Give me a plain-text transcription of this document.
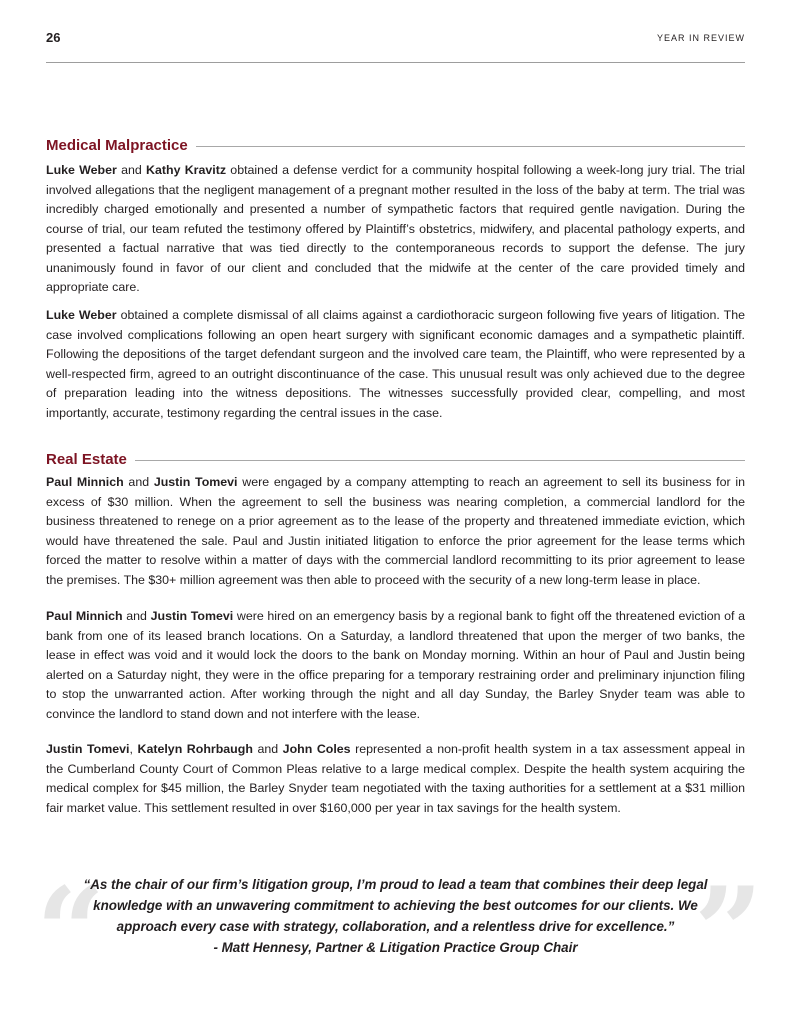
26	YEAR IN REVIEW
Medical Malpractice

Luke Weber and Kathy Kravitz obtained a defense verdict for a community hospital following a week-long jury trial. The trial involved allegations that the negligent management of a pregnant mother resulted in the loss of the baby at term. The trial was incredibly charged emotionally and presented a number of sympathetic factors that required gentle navigation. During the course of trial, our team refuted the testimony offered by Plaintiff’s obstetrics, midwifery, and placental pathology experts, and presented a factual narrative that was tied directly to the contemporaneous records to support the defense. The jury unanimously found in favor of our client and concluded that the midwife at the center of the care provided timely and appropriate care.

Luke Weber obtained a complete dismissal of all claims against a cardiothoracic surgeon following five years of litigation. The case involved complications following an open heart surgery with significant economic damages and a sympathetic plaintiff. Following the depositions of the target defendant surgeon and the involved care team, the Plaintiff, who were represented by a well-respected firm, agreed to an outright discontinuance of the case. This unusual result was only achieved due to the degree of preparation leading into the witness depositions. The witnesses successfully provided clear, compelling, and most importantly, accurate, testimony regarding the central issues in the case.

Real Estate

Paul Minnich and Justin Tomevi were engaged by a company attempting to reach an agreement to sell its business for in excess of $30 million. When the agreement to sell the business was nearing completion, a commercial landlord for the business threatened to renege on a prior agreement as to the lease of the property and threatened immediate eviction, which would have threatened the sale. Paul and Justin initiated litigation to enforce the prior agreement for the lease terms which forced the matter to resolve within a matter of days with the commercial landlord recommitting to its prior agreement to lease the premises. The $30+ million agreement was then able to proceed with the security of a new long-term lease in place.

Paul Minnich and Justin Tomevi were hired on an emergency basis by a regional bank to fight off the threatened eviction of a bank from one of its leased branch locations. On a Saturday, a landlord threatened that upon the merger of two banks, the lease in effect was void and it would lock the doors to the bank on Monday morning. Within an hour of Paul and Justin being alerted on a Saturday night, they were in the office preparing for a temporary restraining order and preliminary injunction filing to stop the unwarranted action. After working through the night and all day Sunday, the Barley Snyder team was able to convince the landlord to stand down and not interfere with the lease.

Justin Tomevi, Katelyn Rohrbaugh and John Coles represented a non-profit health system in a tax assessment appeal in the Cumberland County Court of Common Pleas relative to a large medical complex. Despite the health system acquiring the medical complex for $45 million, the Barley Snyder team negotiated with the taxing authorities for a settlement at a $31 million fair market value. This settlement resulted in over $160,000 per year in tax savings for the health system.

“	”
“As the chair of our firm’s litigation group, I’m proud to lead a team that combines their deep legal
knowledge with an unwavering commitment to achieving the best outcomes for our clients. We
approach every case with strategy, collaboration, and a relentless drive for excellence.”
- Matt Hennesy, Partner & Litigation Practice Group Chair
